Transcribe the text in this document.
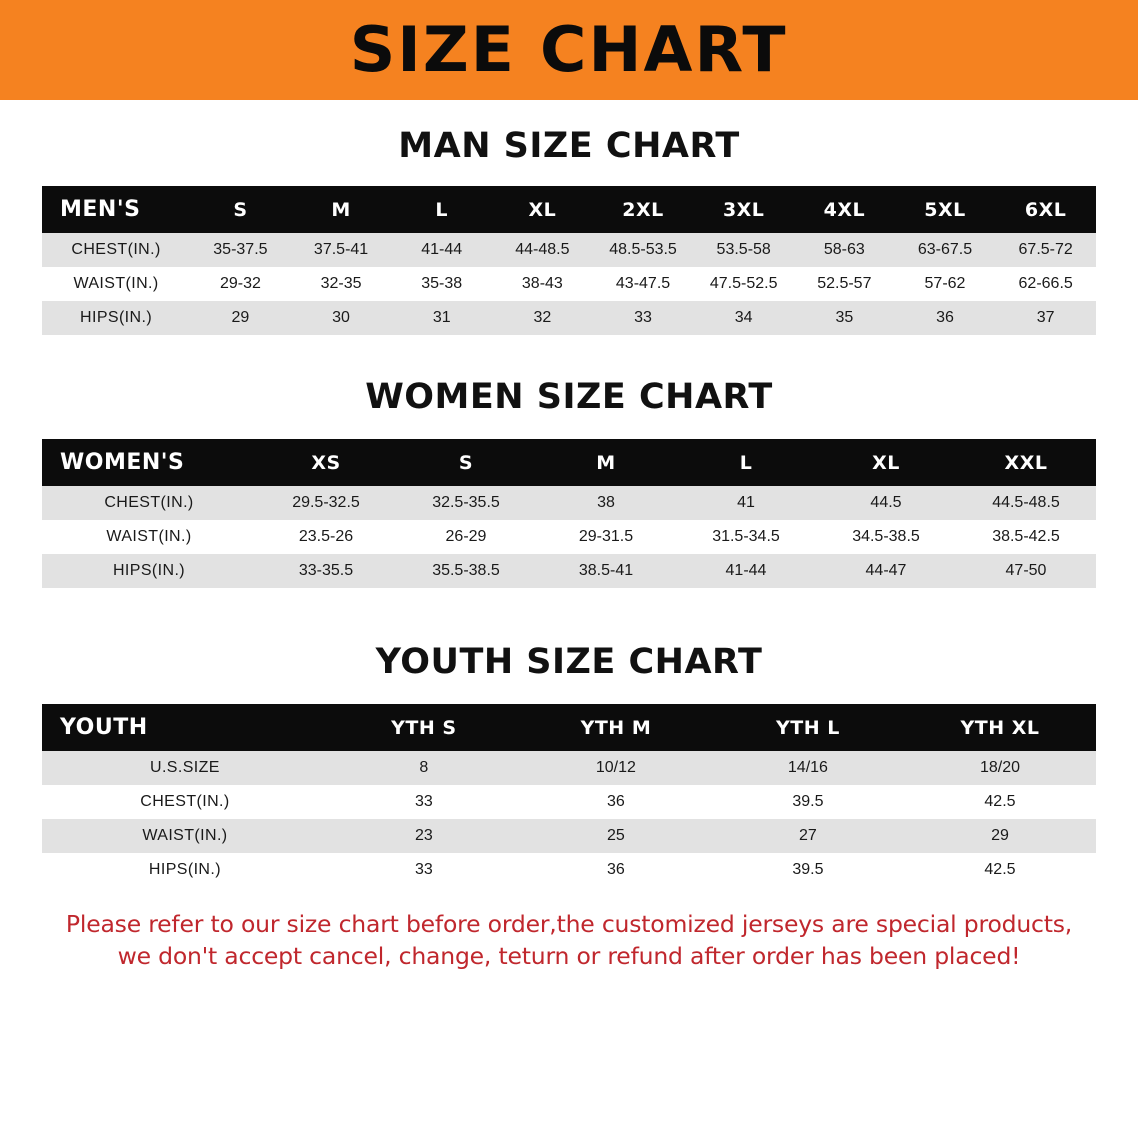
SIZE CHART
MAN SIZE CHART
MEN'S	S	M	L	XL	2XL	3XL	4XL	5XL	6XL
CHEST(IN.)	35-37.5	37.5-41	41-44	44-48.5	48.5-53.5	53.5-58	58-63	63-67.5	67.5-72
WAIST(IN.)	29-32	32-35	35-38	38-43	43-47.5	47.5-52.5	52.5-57	57-62	62-66.5
HIPS(IN.)	29	30	31	32	33	34	35	36	37
WOMEN SIZE CHART
WOMEN'S	XS	S	M	L	XL	XXL
CHEST(IN.)	29.5-32.5	32.5-35.5	38	41	44.5	44.5-48.5
WAIST(IN.)	23.5-26	26-29	29-31.5	31.5-34.5	34.5-38.5	38.5-42.5
HIPS(IN.)	33-35.5	35.5-38.5	38.5-41	41-44	44-47	47-50
YOUTH SIZE CHART
YOUTH	YTH S	YTH M	YTH L	YTH XL
U.S.SIZE	8	10/12	14/16	18/20
CHEST(IN.)	33	36	39.5	42.5
WAIST(IN.)	23	25	27	29
HIPS(IN.)	33	36	39.5	42.5
Please refer to our size chart before order,the customized jerseys are special products,
we don't accept cancel, change, teturn or refund after order has been placed!
